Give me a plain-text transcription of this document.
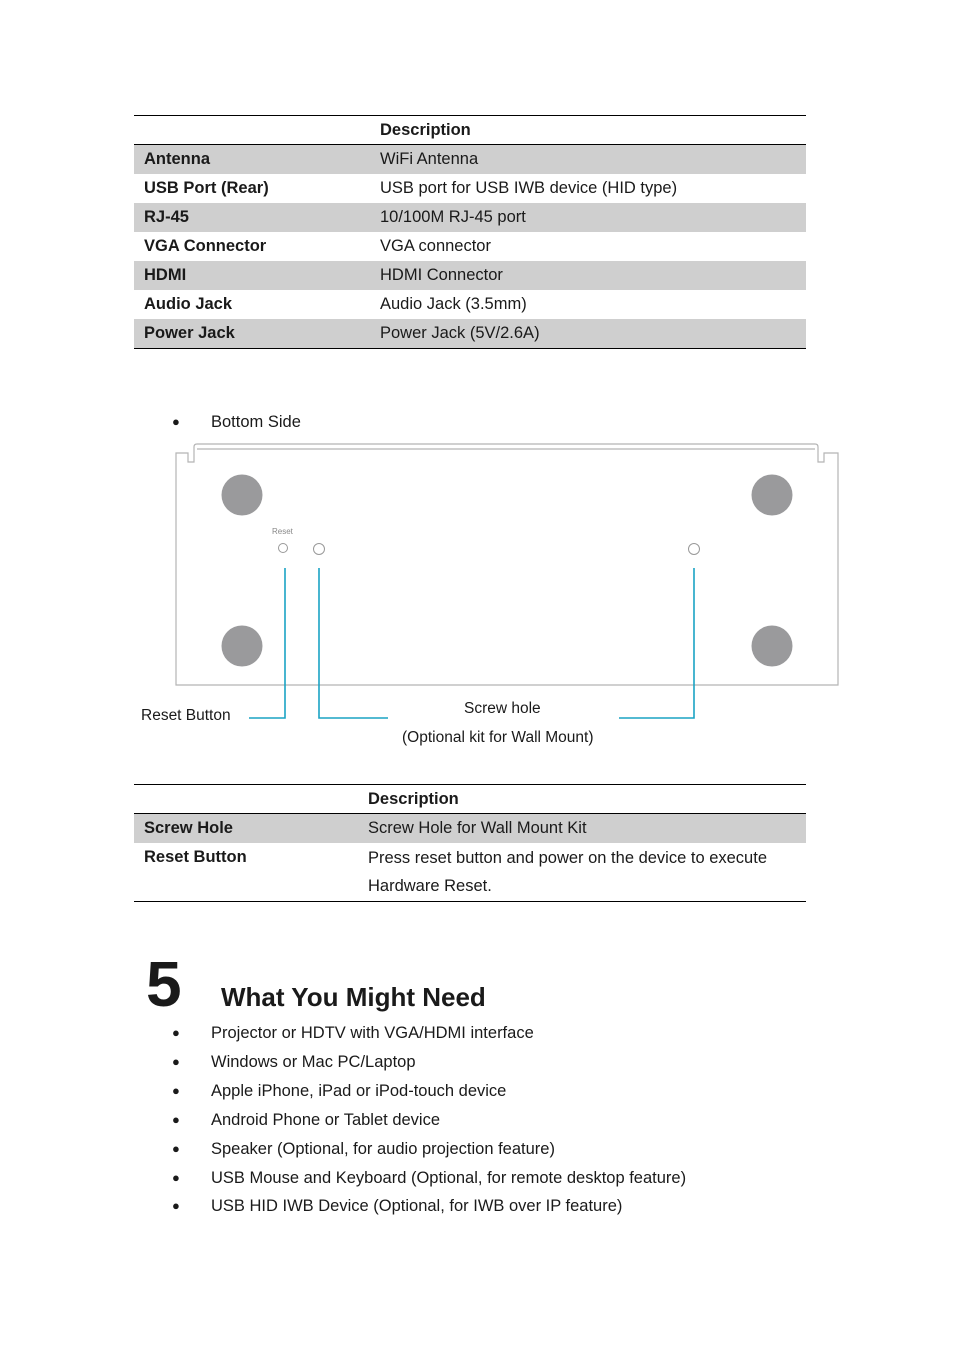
Description
Antenna	WiFi Antenna
USB Port (Rear)	USB port for USB IWB device (HID type)
RJ-45	10/100M RJ-45 port
VGA Connector	VGA connector
HDMI	HDMI Connector
Audio Jack	Audio Jack (3.5mm)
Power Jack	Power Jack (5V/2.6A)
● Bottom Side
Reset
Reset Button	Screw hole
(Optional kit for Wall Mount)
Description
Screw Hole	Screw Hole for Wall Mount Kit
Reset Button	Press reset button and power on the device to execute Hardware Reset.
5 What You Might Need
● Projector or HDTV with VGA/HDMI interface
● Windows or Mac PC/Laptop
● Apple iPhone, iPad or iPod-touch device
● Android Phone or Tablet device
● Speaker (Optional, for audio projection feature)
● USB Mouse and Keyboard (Optional, for remote desktop feature)
● USB HID IWB Device (Optional, for IWB over IP feature)
